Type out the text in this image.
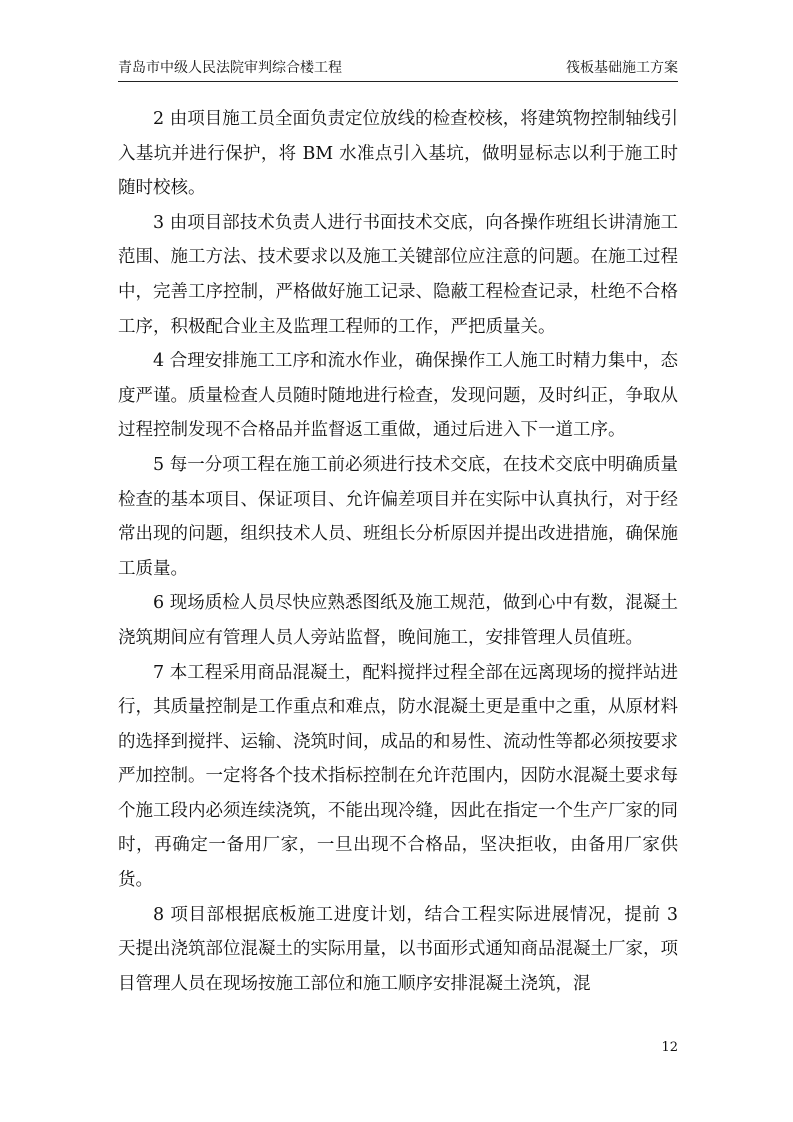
青岛市中级人民法院审判综合楼工程	筏板基础施工方案

2 由项目施工员全面负责定位放线的检查校核，将建筑物控制轴线引入基坑并进行保护，将 BM 水准点引入基坑，做明显标志以利于施工时随时校核。

3 由项目部技术负责人进行书面技术交底，向各操作班组长讲清施工范围、施工方法、技术要求以及施工关键部位应注意的问题。在施工过程中，完善工序控制，严格做好施工记录、隐蔽工程检查记录，杜绝不合格工序，积极配合业主及监理工程师的工作，严把质量关。

4 合理安排施工工序和流水作业，确保操作工人施工时精力集中，态度严谨。质量检查人员随时随地进行检查，发现问题，及时纠正，争取从过程控制发现不合格品并监督返工重做，通过后进入下一道工序。

5 每一分项工程在施工前必须进行技术交底，在技术交底中明确质量检查的基本项目、保证项目、允许偏差项目并在实际中认真执行，对于经常出现的问题，组织技术人员、班组长分析原因并提出改进措施，确保施工质量。

6 现场质检人员尽快应熟悉图纸及施工规范，做到心中有数，混凝土浇筑期间应有管理人员人旁站监督，晚间施工，安排管理人员值班。

7 本工程采用商品混凝土，配料搅拌过程全部在远离现场的搅拌站进行，其质量控制是工作重点和难点，防水混凝土更是重中之重，从原材料的选择到搅拌、运输、浇筑时间，成品的和易性、流动性等都必须按要求严加控制。一定将各个技术指标控制在允许范围内，因防水混凝土要求每个施工段内必须连续浇筑，不能出现冷缝，因此在指定一个生产厂家的同时，再确定一备用厂家，一旦出现不合格品，坚决拒收，由备用厂家供货。

8 项目部根据底板施工进度计划，结合工程实际进展情况，提前 3 天提出浇筑部位混凝土的实际用量，以书面形式通知商品混凝土厂家，项目管理人员在现场按施工部位和施工顺序安排混凝土浇筑，混

12
